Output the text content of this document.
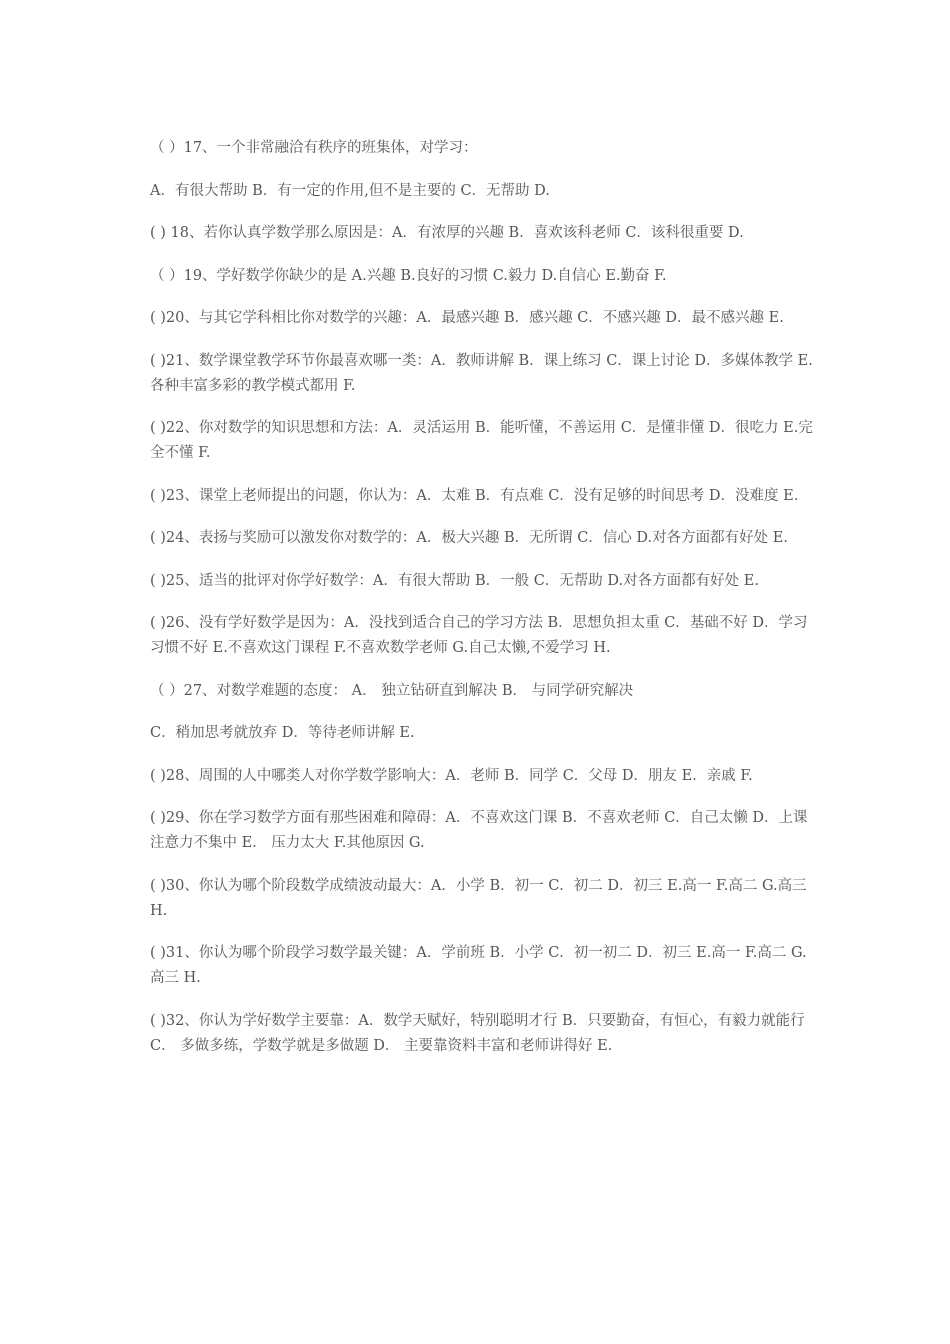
（ ）17、一个非常融洽有秩序的班集体，对学习：

A．有很大帮助 B．有一定的作用,但不是主要的 C．无帮助 D.

( ) 18、若你认真学数学那么原因是：A．有浓厚的兴趣 B．喜欢该科老师 C．该科很重要 D.

（ ）19、学好数学你缺少的是 A.兴趣 B.良好的习惯 C.毅力 D.自信心 E.勤奋 F.

( )20、与其它学科相比你对数学的兴趣：A．最感兴趣 B．感兴趣 C．不感兴趣 D．最不感兴趣 E.

( )21、数学课堂教学环节你最喜欢哪一类：A．教师讲解 B．课上练习 C．课上讨论 D．多媒体教学 E.各种丰富多彩的教学模式都用 F.

( )22、你对数学的知识思想和方法：A．灵活运用 B．能听懂，不善运用 C．是懂非懂 D．很吃力 E.完全不懂 F.

( )23、课堂上老师提出的问题，你认为：A．太难 B．有点难 C．没有足够的时间思考 D．没难度 E.

( )24、表扬与奖励可以激发你对数学的：A．极大兴趣 B．无所谓 C．信心 D.对各方面都有好处 E.

( )25、适当的批评对你学好数学：A．有很大帮助 B．一般 C．无帮助 D.对各方面都有好处 E.

( )26、没有学好数学是因为：A．没找到适合自己的学习方法 B．思想负担太重 C．基础不好 D．学习习惯不好 E.不喜欢这门课程 F.不喜欢数学老师 G.自己太懒,不爱学习 H.

（ ）27、对数学难题的态度： A． 独立钻研直到解决 B． 与同学研究解决

C．稍加思考就放弃 D．等待老师讲解 E.

( )28、周围的人中哪类人对你学数学影响大：A．老师 B．同学 C．父母 D．朋友 E．亲戚 F.

( )29、你在学习数学方面有那些困难和障碍：A．不喜欢这门课 B．不喜欢老师 C．自己太懒 D．上课注意力不集中 E． 压力太大 F.其他原因 G.

( )30、你认为哪个阶段数学成绩波动最大：A．小学 B．初一 C．初二 D．初三 E.高一 F.高二 G.高三 H.

( )31、你认为哪个阶段学习数学最关键：A．学前班 B．小学 C．初一初二 D．初三 E.高一 F.高二 G.高三 H.

( )32、你认为学好数学主要靠：A．数学天赋好，特别聪明才行 B．只要勤奋，有恒心，有毅力就能行 C． 多做多练，学数学就是多做题 D． 主要靠资料丰富和老师讲得好 E.
